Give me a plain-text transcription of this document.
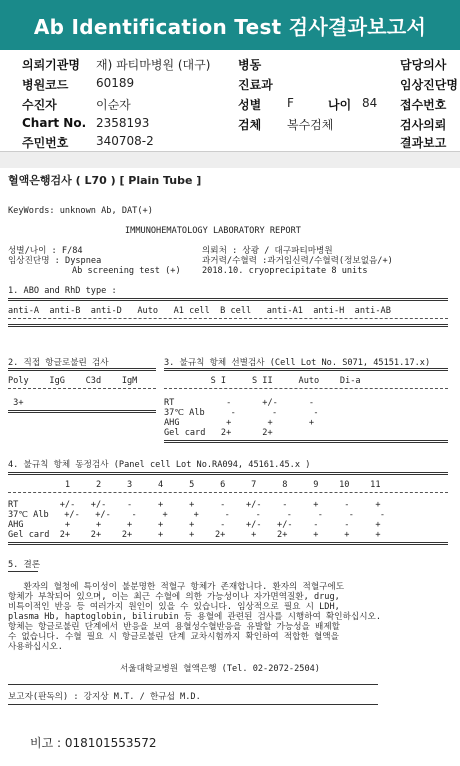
Ab Identification Test 검사결과보고서
의뢰기관명 재) 파티마병원 (대구) 병동	담당의사
병원코드 60189	진료과	임상진단명
수진자	이순자	성별 F	나이 84 접수번호
Chart No. 2358193	검체 복수검체	검사의뢰
주민번호 340708-2	결과보고
혈액은행검사 ( L70 ) [ Plain Tube ]
KeyWords: unknown Ab, DAT(+)
IMMUNOHEMATOLOGY LABORATORY REPORT
성별/나이 : F/84
임상진단명 : Dyspnea
Ab screening test (+)
의뢰처 : 상광 / 대구파티마병원
과거력/수혈력 :과거임신력/수혈력(정보없음/+)
2018.10. cryoprecipitate 8 units
1. ABO and RhD type :
anti-A  anti-B  anti-D   Auto   A1 cell  B cell   anti-A1  anti-H  anti-AB
2. 직접 항글로불린 검사
Poly    IgG    C3d    IgM
3+
3. 불규칙 항체 선별검사 (Cell Lot No. S071, 45151.17.x)
S I     S II     Auto    Di-a
RT          -      +/-      -
37℃ Alb     -       -       -
AHG         +       +       +
Gel card   2+      2+
4. 불규칙 항체 동정검사 (Panel cell Lot No.RA094, 45161.45.x )
1     2     3     4     5     6     7     8     9    10    11
RT        +/-   +/-    -     +     +     -    +/-    -     +     -     +
37℃ Alb   +/-   +/-    -     +     +     -     -     -     -     -     -
AHG        +     +     +     +     +     -    +/-   +/-    -     -     +
Gel card  2+    2+    2+     +     +    2+     +    2+     +     +     +
5. 결론
환자의 혈청에 특이성이 불분명한 적혈구 항체가 존재합니다. 환자의 적혈구에도
항체가 부착되어 있으며, 이는 최근 수혈에 의한 가능성이나 자가면역질환, drug,
비특이적인 반응 등 여러가지 원인이 있을 수 있습니다. 임상적으로 필요 시 LDH,
plasma Hb, haptoglobin, bilirubin 등 용혈에 관련된 검사를 시행하여 확인하십시오.
항체는 항글로불린 단계에서 반응을 보여 용혈성수혈반응을 유발할 가능성을 배제할
수 없습니다. 수혈 필요 시 항글로불린 단계 교차시험까지 확인하여 적합한 혈액을
사용하십시오.
서울대학교병원 혈액은행 (Tel. 02-2072-2504)
보고자(판독의) : 강지상 M.T. / 한규섭 M.D.
비고 : 018101553572
